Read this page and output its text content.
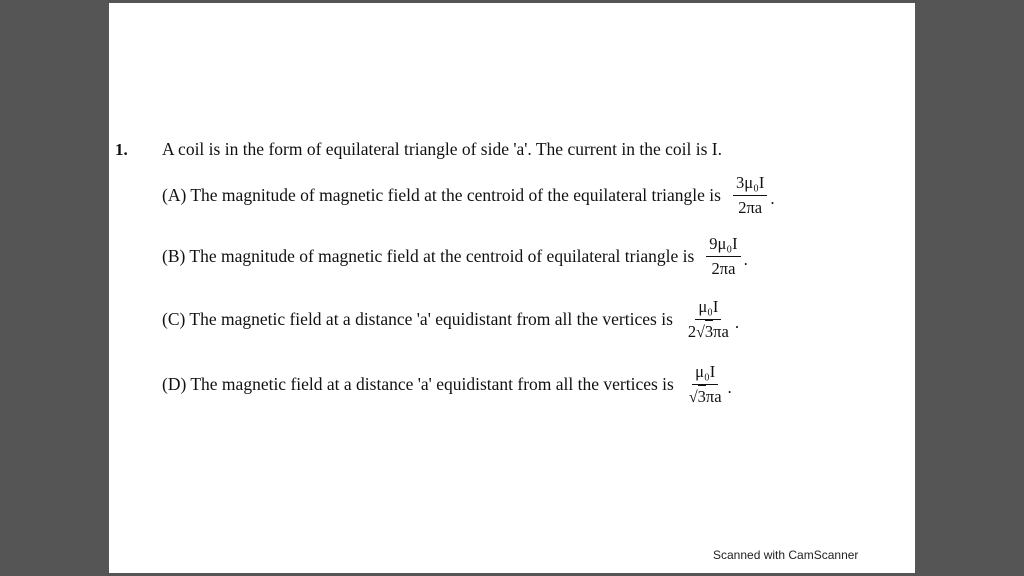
1. A coil is in the form of equilateral triangle of side 'a'. The current in the coil is I.
(A) The magnitude of magnetic field at the centroid of the equilateral triangle is $\frac{\text{3μ₀I}}{2\pi a}$ .
(B) The magnitude of magnetic field at the centroid of equilateral triangle is $\frac{\text{9μ₀I}}{2\pi a}$ .
(C) The magnetic field at a distance 'a' equidistant from all the vertices is $\frac{\text{μ₀I}}{2√3\pi a}$ .
(D) The magnetic field at a distance 'a' equidistant from all the vertices is $\frac{\text{μ₀I}}{√3\pi a}$ .
Scanned with CamScanner
